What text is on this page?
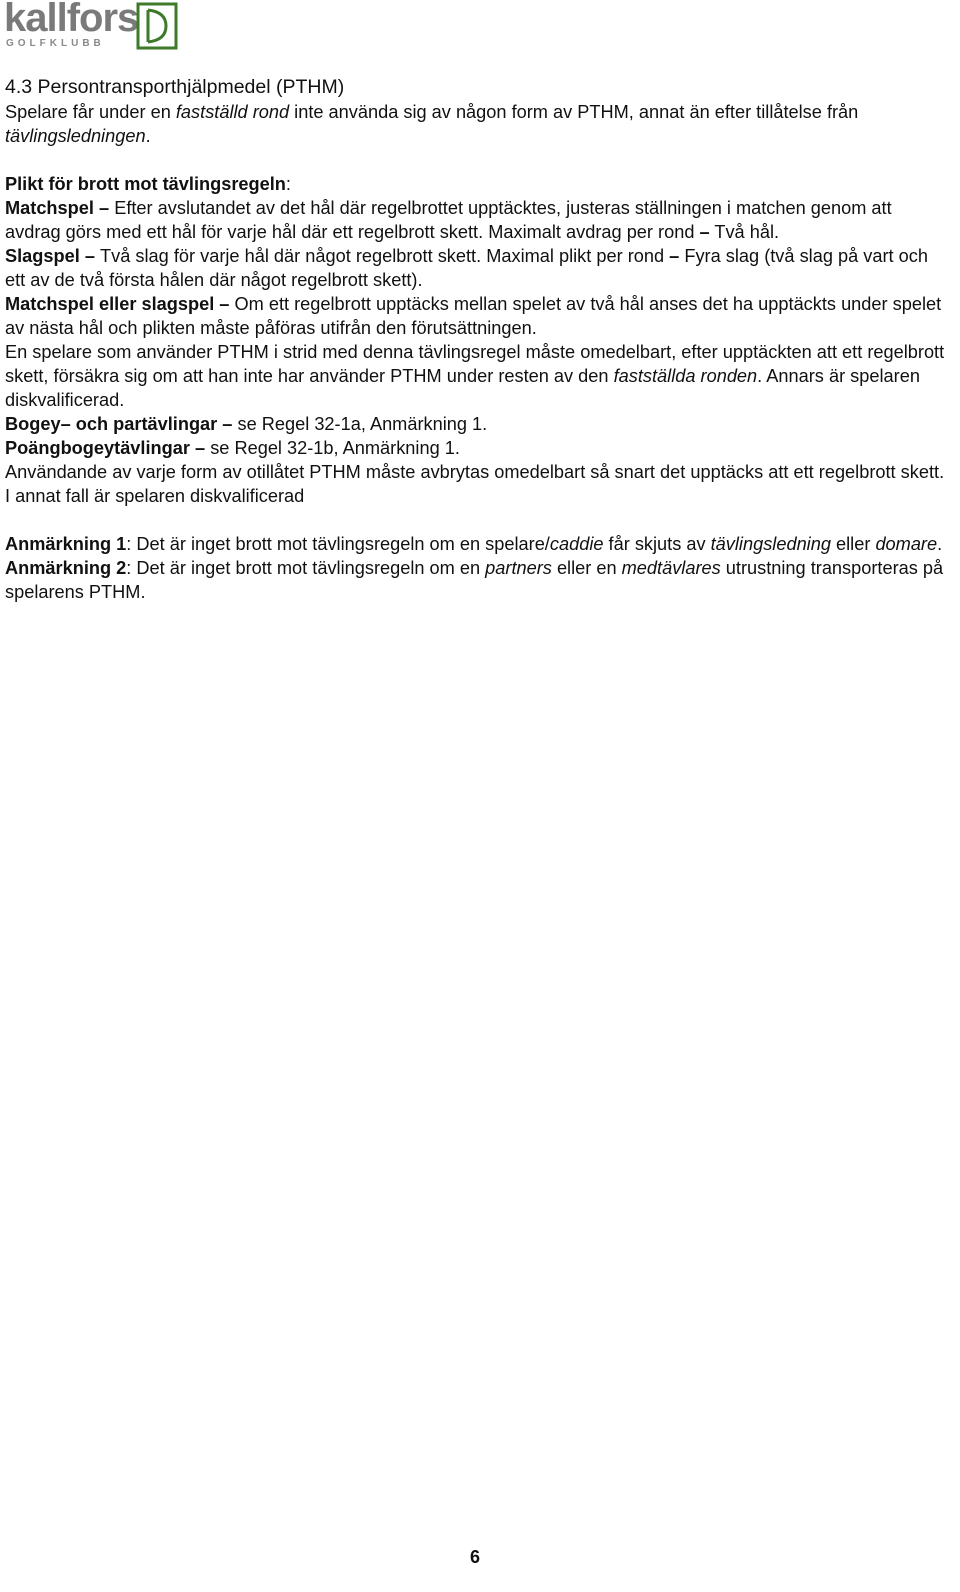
kallfors
GOLFKLUBB
4.3 Persontransporthjälpmedel (PTHM)

Spelare får under en fastställd rond inte använda sig av någon form av PTHM, annat än efter tillåtelse från tävlingsledningen.

Plikt för brott mot tävlingsregeln:

Matchspel – Efter avslutandet av det hål där regelbrottet upptäcktes, justeras ställningen i matchen genom att avdrag görs med ett hål för varje hål där ett regelbrott skett. Maximalt avdrag per rond – Två hål.

Slagspel – Två slag för varje hål där något regelbrott skett. Maximal plikt per rond – Fyra slag (två slag på vart och ett av de två första hålen där något regelbrott skett).

Matchspel eller slagspel – Om ett regelbrott upptäcks mellan spelet av två hål anses det ha upptäckts under spelet av nästa hål och plikten måste påföras utifrån den förutsättningen.

En spelare som använder PTHM i strid med denna tävlingsregel måste omedelbart, efter upptäckten att ett regelbrott skett, försäkra sig om att han inte har använder PTHM under resten av den fastställda ronden. Annars är spelaren diskvalificerad.

Bogey– och partävlingar – se Regel 32-1a, Anmärkning 1.

Poängbogeytävlingar – se Regel 32-1b, Anmärkning 1.

Användande av varje form av otillåtet PTHM måste avbrytas omedelbart så snart det upptäcks att ett regelbrott skett. I annat fall är spelaren diskvalificerad

Anmärkning 1: Det är inget brott mot tävlingsregeln om en spelare/caddie får skjuts av tävlingsledning eller domare.

Anmärkning 2: Det är inget brott mot tävlingsregeln om en partners eller en medtävlares utrustning transporteras på spelarens PTHM.

6
